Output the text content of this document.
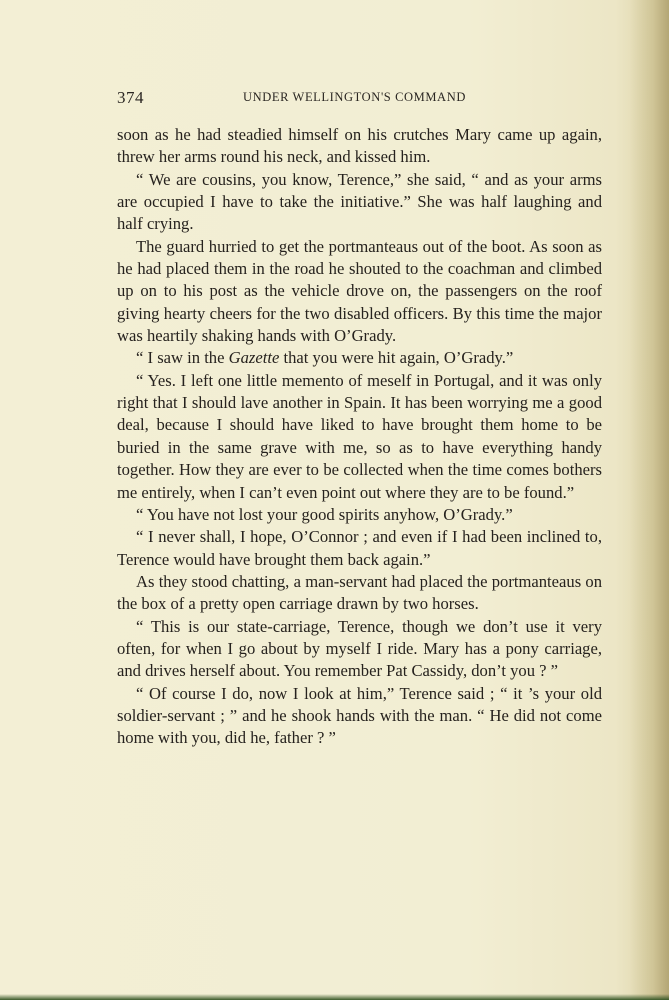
374	UNDER WELLINGTON'S COMMAND

soon as he had steadied himself on his crutches Mary came up again, threw her arms round his neck, and kissed him.

“ We are cousins, you know, Terence,” she said, “ and as your arms are occupied I have to take the initiative.” She was half laughing and half crying.

The guard hurried to get the portmanteaus out of the boot. As soon as he had placed them in the road he shouted to the coachman and climbed up on to his post as the vehicle drove on, the passengers on the roof giving hearty cheers for the two disabled officers. By this time the major was heartily shaking hands with O’Grady.

“ I saw in the Gazette that you were hit again, O’Grady.”

“ Yes. I left one little memento of meself in Portugal, and it was only right that I should lave another in Spain. It has been worrying me a good deal, because I should have liked to have brought them home to be buried in the same grave with me, so as to have everything handy together. How they are ever to be collected when the time comes bothers me entirely, when I can’t even point out where they are to be found.”

“ You have not lost your good spirits anyhow, O’Grady.”

“ I never shall, I hope, O’Connor ; and even if I had been inclined to, Terence would have brought them back again.”

As they stood chatting, a man-servant had placed the portmanteaus on the box of a pretty open carriage drawn by two horses.

“ This is our state-carriage, Terence, though we don’t use it very often, for when I go about by myself I ride. Mary has a pony carriage, and drives herself about. You remember Pat Cassidy, don’t you ? ”

“ Of course I do, now I look at him,” Terence said ; “ it ’s your old soldier-servant ; ” and he shook hands with the man. “ He did not come home with you, did he, father ? ”
